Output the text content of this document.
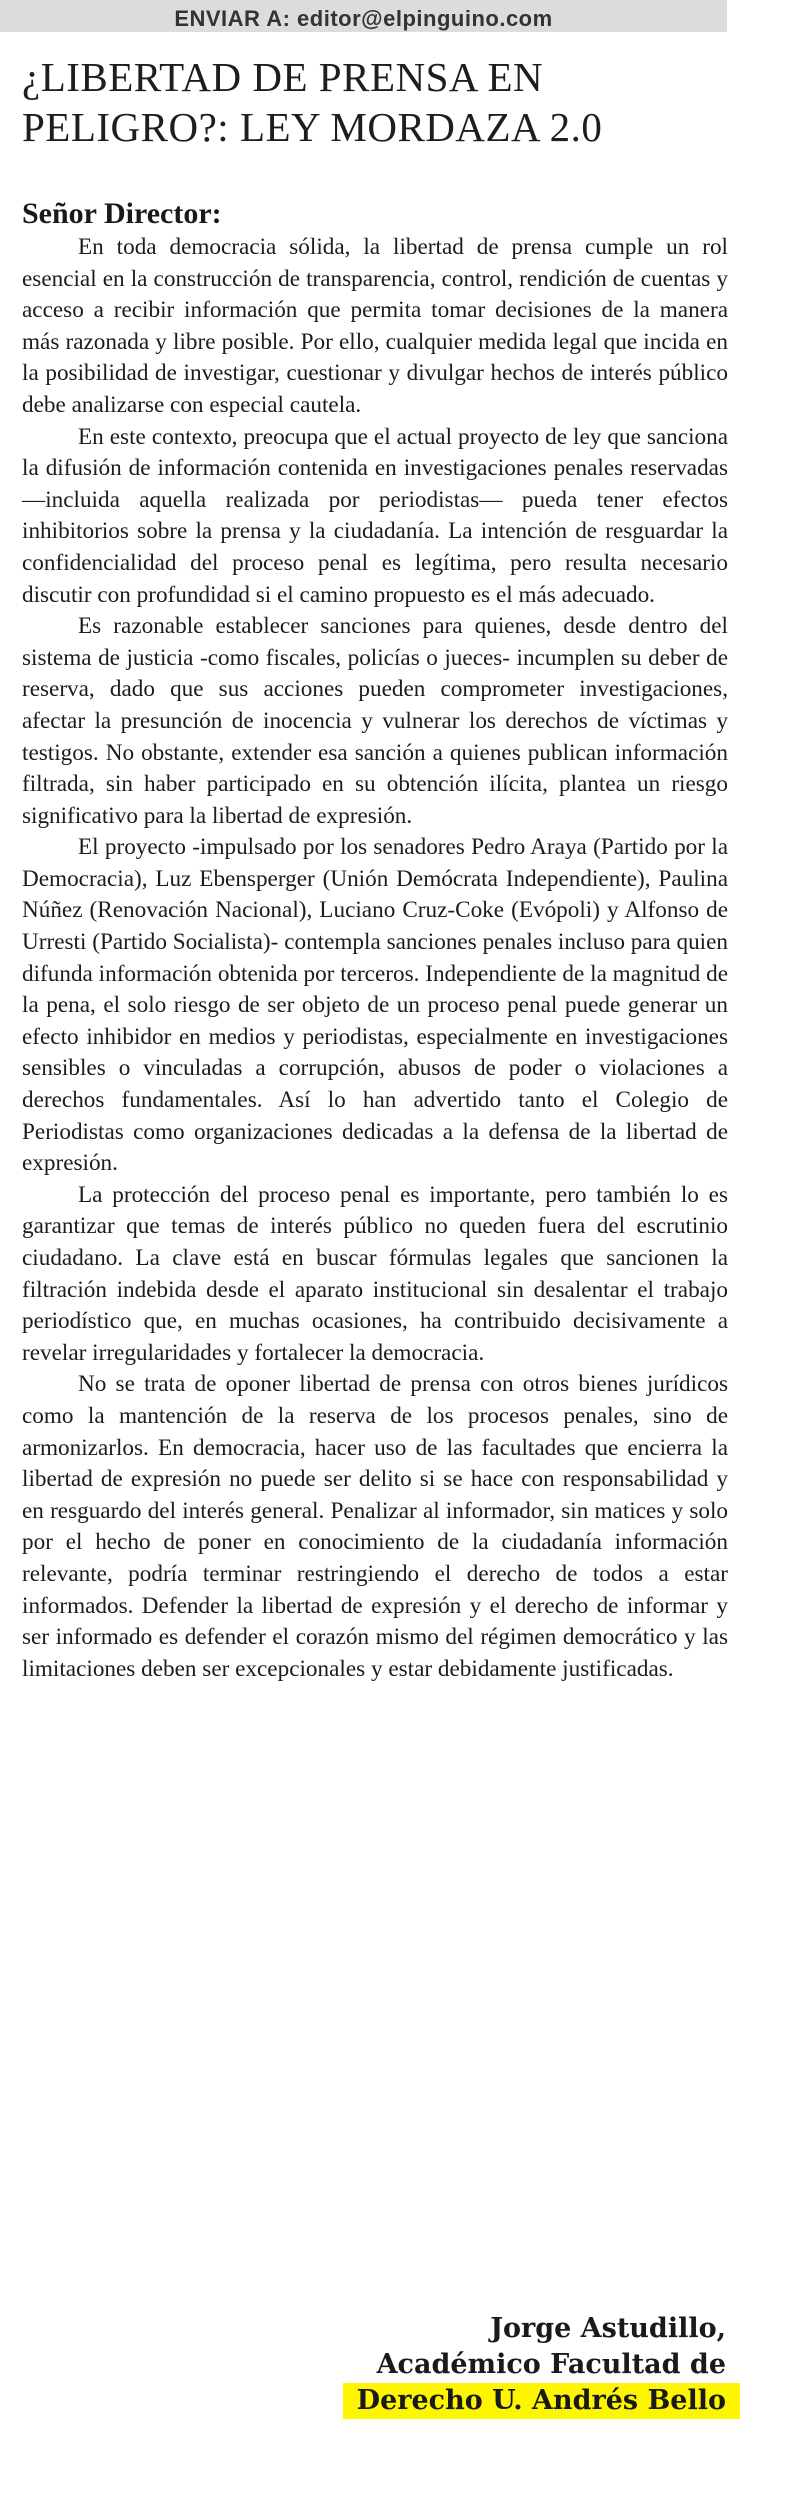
ENVIAR A: editor@elpinguino.com
¿LIBERTAD DE PRENSA EN
PELIGRO?: LEY MORDAZA 2.0
Señor Director:

En toda democracia sólida, la libertad de prensa cumple un rol esencial en la construcción de transparencia, control, rendición de cuentas y acceso a recibir información que permita tomar decisiones de la manera más razonada y libre posible. Por ello, cualquier medida legal que incida en la posibilidad de investigar, cuestionar y divulgar hechos de interés público debe analizarse con especial cautela.

En este contexto, preocupa que el actual proyecto de ley que sanciona la difusión de información contenida en investigaciones penales reservadas —incluida aquella realizada por periodistas— pueda tener efectos inhibitorios sobre la prensa y la ciudadanía. La intención de resguardar la confidencialidad del proceso penal es legítima, pero resulta necesario discutir con profundidad si el camino propuesto es el más adecuado.

Es razonable establecer sanciones para quienes, desde dentro del sistema de justicia -como fiscales, policías o jueces- incumplen su deber de reserva, dado que sus acciones pueden comprometer investigaciones, afectar la presunción de inocencia y vulnerar los derechos de víctimas y testigos. No obstante, extender esa sanción a quienes publican información filtrada, sin haber participado en su obtención ilícita, plantea un riesgo significativo para la libertad de expresión.

El proyecto -impulsado por los senadores Pedro Araya (Partido por la Democracia), Luz Ebensperger (Unión Demócrata Independiente), Paulina Núñez (Renovación Nacional), Luciano Cruz-Coke (Evópoli) y Alfonso de Urresti (Partido Socialista)- contempla sanciones penales incluso para quien difunda información obtenida por terceros. Independiente de la magnitud de la pena, el solo riesgo de ser objeto de un proceso penal puede generar un efecto inhibidor en medios y periodistas, especialmente en investigaciones sensibles o vinculadas a corrupción, abusos de poder o violaciones a derechos fundamentales. Así lo han advertido tanto el Colegio de Periodistas como organizaciones dedicadas a la defensa de la libertad de expresión.

La protección del proceso penal es importante, pero también lo es garantizar que temas de interés público no queden fuera del escrutinio ciudadano. La clave está en buscar fórmulas legales que sancionen la filtración indebida desde el aparato institucional sin desalentar el trabajo periodístico que, en muchas ocasiones, ha contribuido decisivamente a revelar irregularidades y fortalecer la democracia.

No se trata de oponer libertad de prensa con otros bienes jurídicos como la mantención de la reserva de los procesos penales, sino de armonizarlos. En democracia, hacer uso de las facultades que encierra la libertad de expresión no puede ser delito si se hace con responsabilidad y en resguardo del interés general. Penalizar al informador, sin matices y solo por el hecho de poner en conocimiento de la ciudadanía información relevante, podría terminar restringiendo el derecho de todos a estar informados. Defender la libertad de expresión y el derecho de informar y ser informado es defender el corazón mismo del régimen democrático y las limitaciones deben ser excepcionales y estar debidamente justificadas.

Jorge Astudillo,
Académico Facultad de
Derecho U. Andrés Bello
